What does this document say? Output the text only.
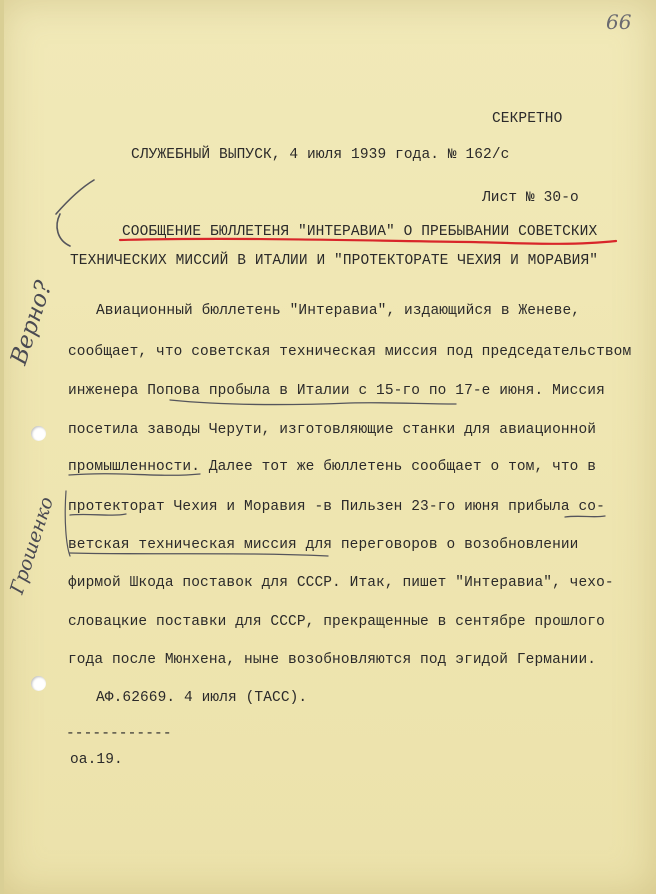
66
СЕКРЕТНО
СЛУЖЕБНЫЙ ВЫПУСК, 4 июля 1939 года. № 162/с
Лист № 30-о
СООБЩЕНИЕ БЮЛЛЕТЕНЯ "ИНТЕРАВИА" О ПРЕБЫВАНИИ СОВЕТСКИХ
ТЕХНИЧЕСКИХ МИССИЙ В ИТАЛИИ И "ПРОТЕКТОРАТЕ ЧЕХИЯ И МОРАВИЯ"
Авиационный бюллетень "Интеравиа", издающийся в Женеве,
сообщает, что советская техническая миссия под председательством
инженера Попова пробыла в Италии с 15-го по 17-е июня. Миссия
посетила заводы Черути, изготовляющие станки для авиационной
промышленности. Далее тот же бюллетень сообщает о том, что в
протекторат Чехия и Моравия -в Пильзен 23-го июня прибыла со-
ветская техническая миссия для переговоров о возобновлении
фирмой Шкода поставок для СССР. Итак, пишет "Интеравиа", чехо-
словацкие поставки для СССР, прекращенные в сентябре прошлого
года после Мюнхена, ныне возобновляются под эгидой Германии.
АФ.62669. 4 июля (ТАСС).
------------
оа.19.
Верно?
Грошенко
